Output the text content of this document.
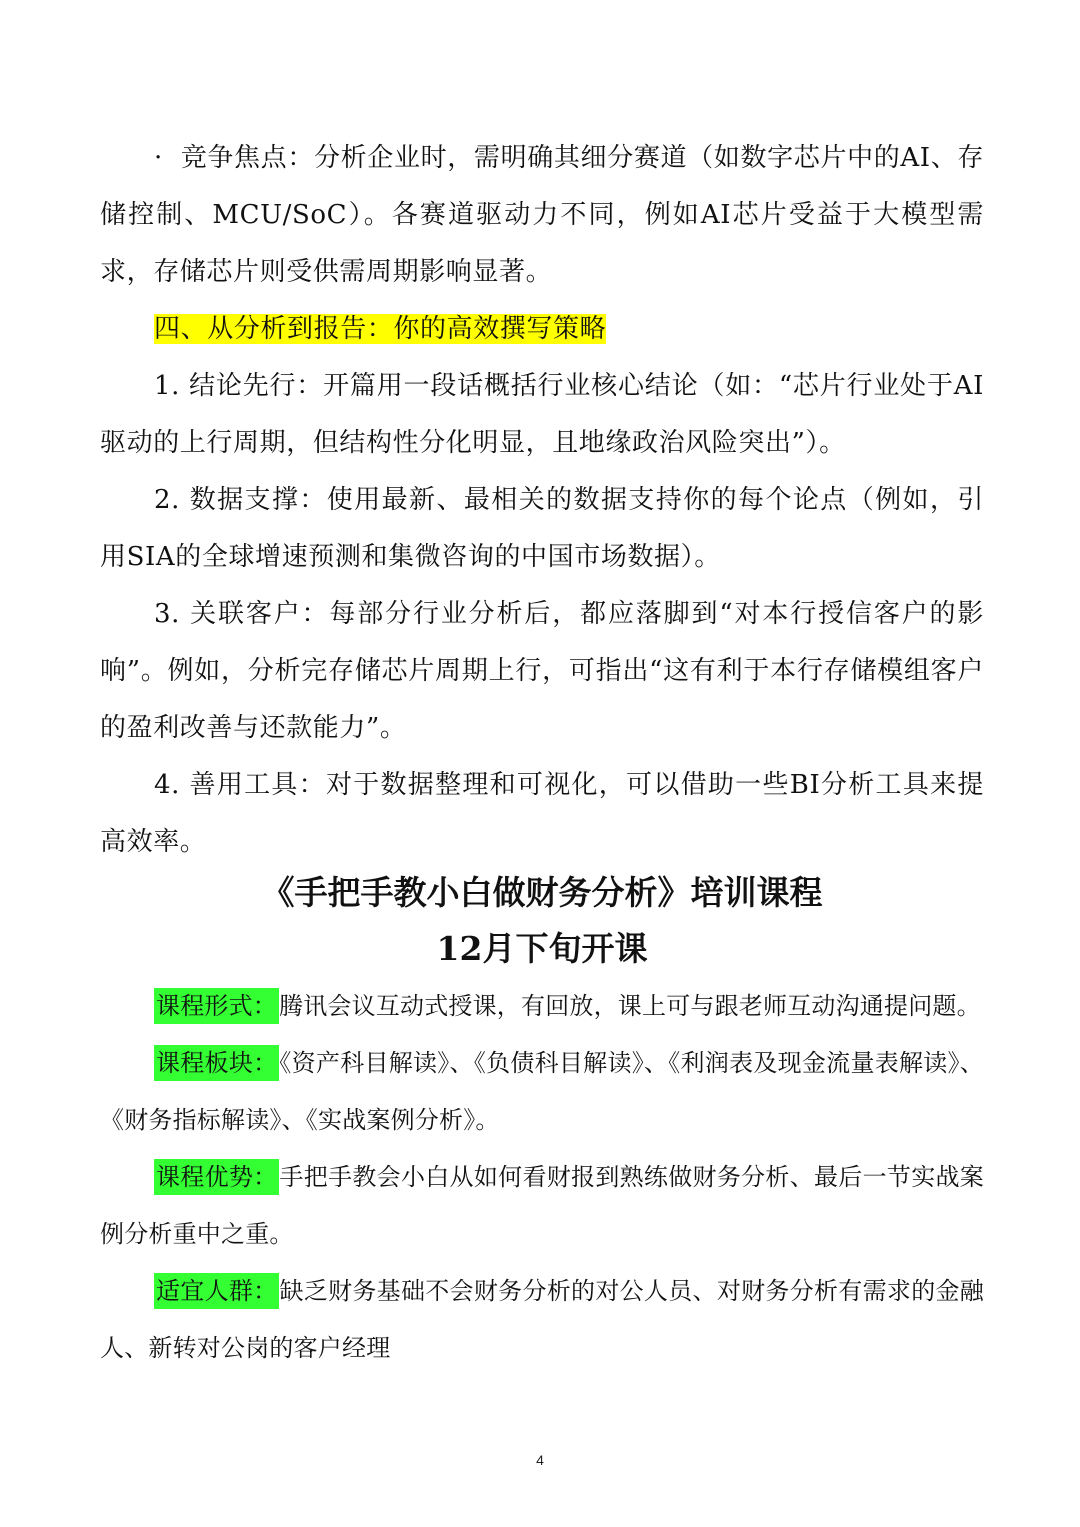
· 竞争焦点：分析企业时，需明确其细分赛道（如数字芯片中的AI、存储控制、MCU/SoC）。各赛道驱动力不同，例如AI芯片受益于大模型需求，存储芯片则受供需周期影响显著。

四、从分析到报告：你的高效撰写策略

1. 结论先行：开篇用一段话概括行业核心结论（如：“芯片行业处于AI驱动的上行周期，但结构性分化明显，且地缘政治风险突出”）。

2. 数据支撑：使用最新、最相关的数据支持你的每个论点（例如，引用SIA的全球增速预测和集微咨询的中国市场数据）。

3. 关联客户：每部分行业分析后，都应落脚到“对本行授信客户的影响”。例如，分析完存储芯片周期上行，可指出“这有利于本行存储模组客户的盈利改善与还款能力”。

4. 善用工具：对于数据整理和可视化，可以借助一些BI分析工具来提高效率。

《手把手教小白做财务分析》培训课程
12月下旬开课

课程形式：腾讯会议互动式授课，有回放，课上可与跟老师互动沟通提问题。

课程板块：《资产科目解读》、《负债科目解读》、《利润表及现金流量表解读》、《财务指标解读》、《实战案例分析》。

课程优势：手把手教会小白从如何看财报到熟练做财务分析、最后一节实战案例分析重中之重。

适宜人群：缺乏财务基础不会财务分析的对公人员、对财务分析有需求的金融人、新转对公岗的客户经理

4
